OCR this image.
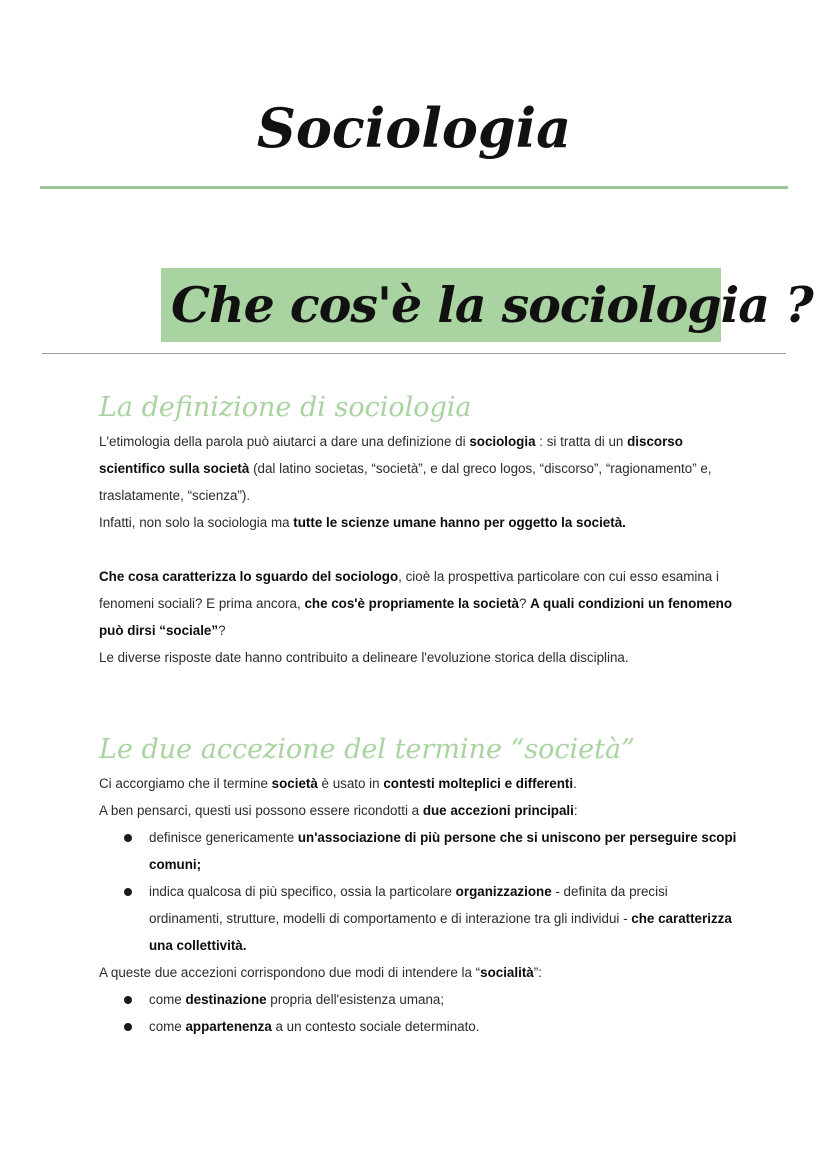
Sociologia
Che cos'è la sociologia ?
La definizione di sociologia

L'etimologia della parola può aiutarci a dare una definizione di sociologia : si tratta di un discorso scientifico sulla società (dal latino societas, “società”, e dal greco logos, “discorso”, “ragionamento” e, traslatamente, “scienza”).

Infatti, non solo la sociologia ma tutte le scienze umane hanno per oggetto la società.

Che cosa caratterizza lo sguardo del sociologo, cioè la prospettiva particolare con cui esso esamina i fenomeni sociali? E prima ancora, che cos'è propriamente la società? A quali condizioni un fenomeno può dirsi “sociale”?

Le diverse risposte date hanno contribuito a delineare l'evoluzione storica della disciplina.

Le due accezione del termine “società”

Ci accorgiamo che il termine società è usato in contesti molteplici e differenti.

A ben pensarci, questi usi possono essere ricondotti a due accezioni principali:

definisce genericamente un'associazione di più persone che si uniscono per perseguire scopi comuni;
indica qualcosa di più specifico, ossia la particolare organizzazione - definita da precisi ordinamenti, strutture, modelli di comportamento e di interazione tra gli individui - che caratterizza una collettività.

A queste due accezioni corrispondono due modi di intendere la “socialità”:

come destinazione propria dell'esistenza umana;
come appartenenza a un contesto sociale determinato.
